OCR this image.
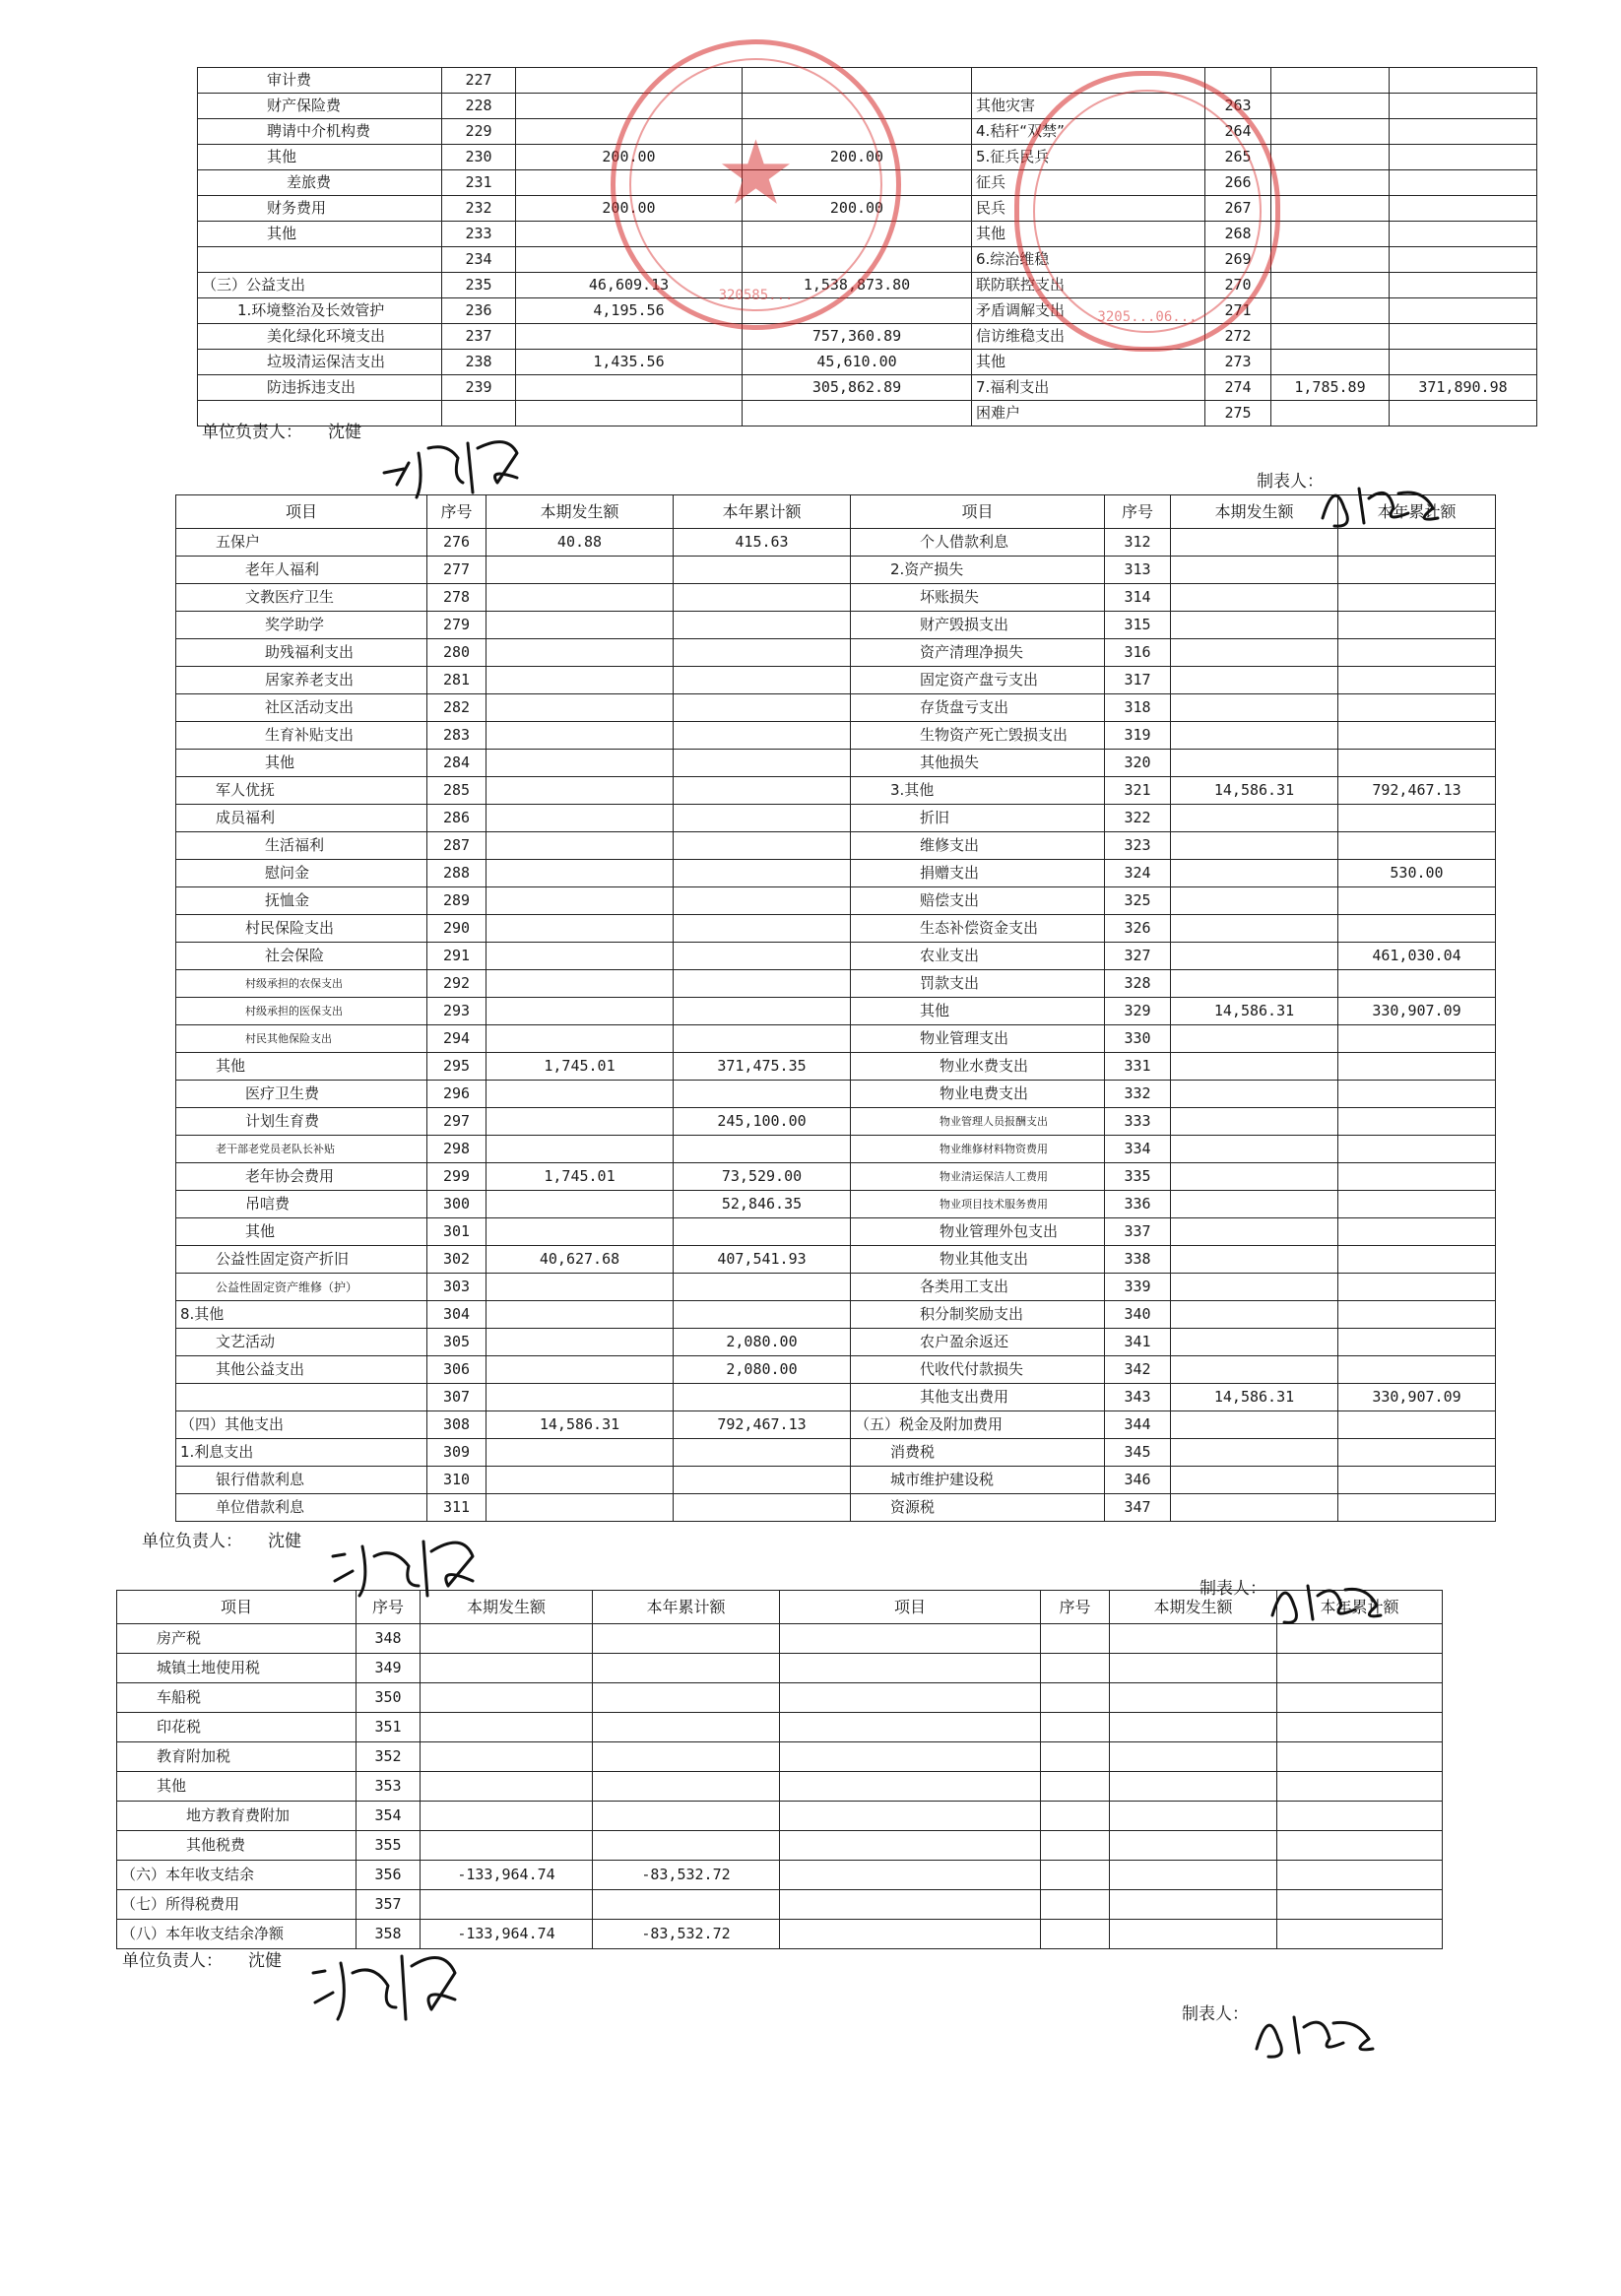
审计费	227						
财产保险费	228			其他灾害	263		
聘请中介机构费	229			4.秸秆“双禁”	264		
其他	230	200.00	200.00	5.征兵民兵	265		
差旅费	231			征兵	266		
财务费用	232	200.00	200.00	民兵	267		
其他	233			其他	268		
	234			6.综治维稳	269		
（三）公益支出	235	46,609.13	1,538,873.80	联防联控支出	270		
1.环境整治及长效管护	236	4,195.56		矛盾调解支出	271		
美化绿化环境支出	237		757,360.89	信访维稳支出	272		
垃圾清运保洁支出	238	1,435.56	45,610.00	其他	273		
防违拆违支出	239		305,862.89	7.福利支出	274	1,785.89	371,890.98
				困难户	275		
单位负责人： 沈健
制表人：
项目	序号	本期发生额	本年累计额	项目	序号	本期发生额	本年累计额
五保户	276	40.88	415.63	个人借款利息	312		
老年人福利	277			2.资产损失	313		
文教医疗卫生	278			坏账损失	314		
奖学助学	279			财产毁损支出	315		
助残福利支出	280			资产清理净损失	316		
居家养老支出	281			固定资产盘亏支出	317		
社区活动支出	282			存货盘亏支出	318		
生育补贴支出	283			生物资产死亡毁损支出	319		
其他	284			其他损失	320		
军人优抚	285			3.其他	321	14,586.31	792,467.13
成员福利	286			折旧	322		
生活福利	287			维修支出	323		
慰问金	288			捐赠支出	324		530.00
抚恤金	289			赔偿支出	325		
村民保险支出	290			生态补偿资金支出	326		
社会保险	291			农业支出	327		461,030.04
村级承担的农保支出	292			罚款支出	328		
村级承担的医保支出	293			其他	329	14,586.31	330,907.09
村民其他保险支出	294			物业管理支出	330		
其他	295	1,745.01	371,475.35	物业水费支出	331		
医疗卫生费	296			物业电费支出	332		
计划生育费	297		245,100.00	物业管理人员报酬支出	333		
老干部老党员老队长补贴	298			物业维修材料物资费用	334		
老年协会费用	299	1,745.01	73,529.00	物业清运保洁人工费用	335		
吊唁费	300		52,846.35	物业项目技术服务费用	336		
其他	301			物业管理外包支出	337		
公益性固定资产折旧	302	40,627.68	407,541.93	物业其他支出	338		
公益性固定资产维修（护）	303			各类用工支出	339		
8.其他	304			积分制奖励支出	340		
文艺活动	305		2,080.00	农户盈余返还	341		
其他公益支出	306		2,080.00	代收代付款损失	342		
	307			其他支出费用	343	14,586.31	330,907.09
（四）其他支出	308	14,586.31	792,467.13	（五）税金及附加费用	344		
1.利息支出	309			消费税	345		
银行借款利息	310			城市维护建设税	346		
单位借款利息	311			资源税	347		
单位负责人： 沈健
制表人：
项目	序号	本期发生额	本年累计额	项目	序号	本期发生额	本年累计额
房产税	348						
城镇土地使用税	349						
车船税	350						
印花税	351						
教育附加税	352						
其他	353						
地方教育费附加	354						
其他税费	355						
（六）本年收支结余	356	-133,964.74	-83,532.72				
（七）所得税费用	357						
（八）本年收支结余净额	358	-133,964.74	-83,532.72				
单位负责人： 沈健
制表人：
★
320585...
3205...06...
